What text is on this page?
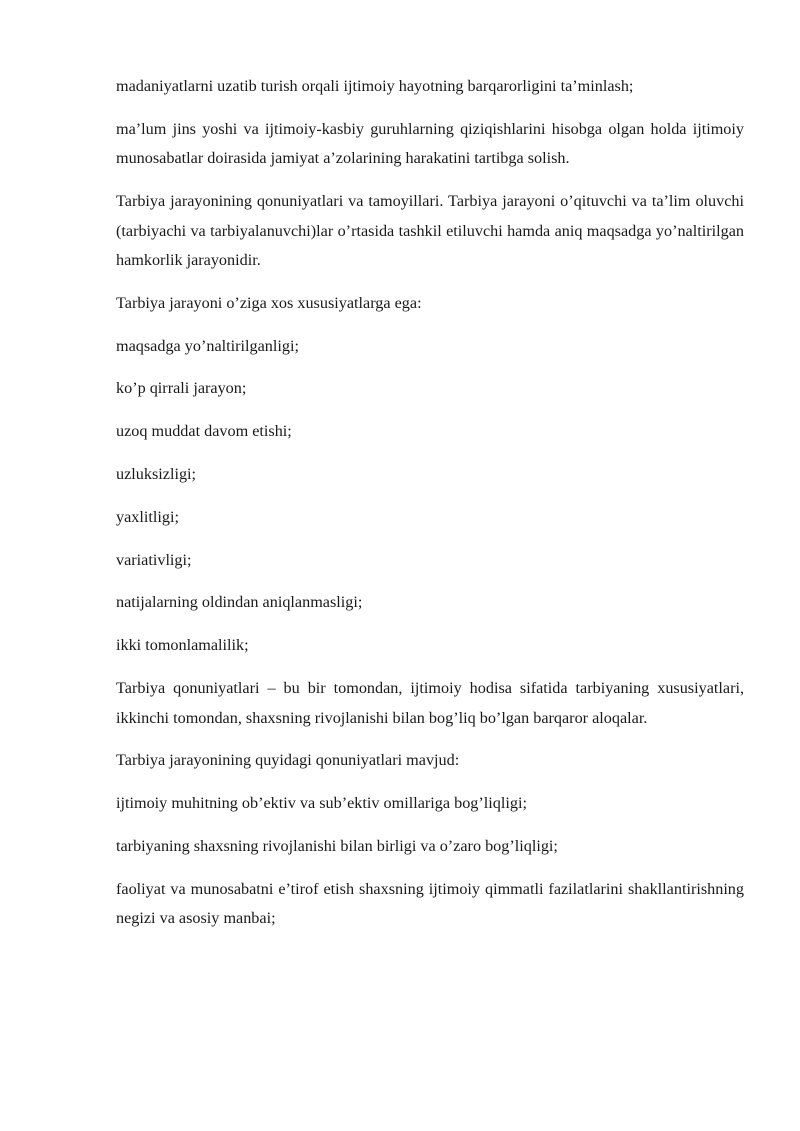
madaniyatlarni uzatib turish orqali ijtimoiy hayotning barqarorligini ta’minlash;

ma’lum jins yoshi va ijtimoiy-kasbiy guruhlarning qiziqishlarini hisobga olgan holda ijtimoiy munosabatlar doirasida jamiyat a’zolarining harakatini tartibga solish.

Tarbiya jarayonining qonuniyatlari va tamoyillari. Tarbiya jarayoni o’qituvchi va ta’lim oluvchi (tarbiyachi va tarbiyalanuvchi)lar o’rtasida tashkil etiluvchi hamda aniq maqsadga yo’naltirilgan hamkorlik jarayonidir.

Tarbiya jarayoni o’ziga xos xususiyatlarga ega:

maqsadga yo’naltirilganligi;

ko’p qirrali jarayon;

uzoq muddat davom etishi;

uzluksizligi;

yaxlitligi;

variativligi;

natijalarning oldindan aniqlanmasligi;

ikki tomonlamalilik;

Tarbiya qonuniyatlari – bu bir tomondan, ijtimoiy hodisa sifatida tarbiyaning xususiyatlari, ikkinchi tomondan, shaxsning rivojlanishi bilan bog’liq bo’lgan barqaror aloqalar.

Tarbiya jarayonining quyidagi qonuniyatlari mavjud:

ijtimoiy muhitning ob’ektiv va sub’ektiv omillariga bog’liqligi;

tarbiyaning shaxsning rivojlanishi bilan birligi va o’zaro bog’liqligi;

faoliyat va munosabatni e’tirof etish shaxsning ijtimoiy qimmatli fazilatlarini shakllantirishning negizi va asosiy manbai;
